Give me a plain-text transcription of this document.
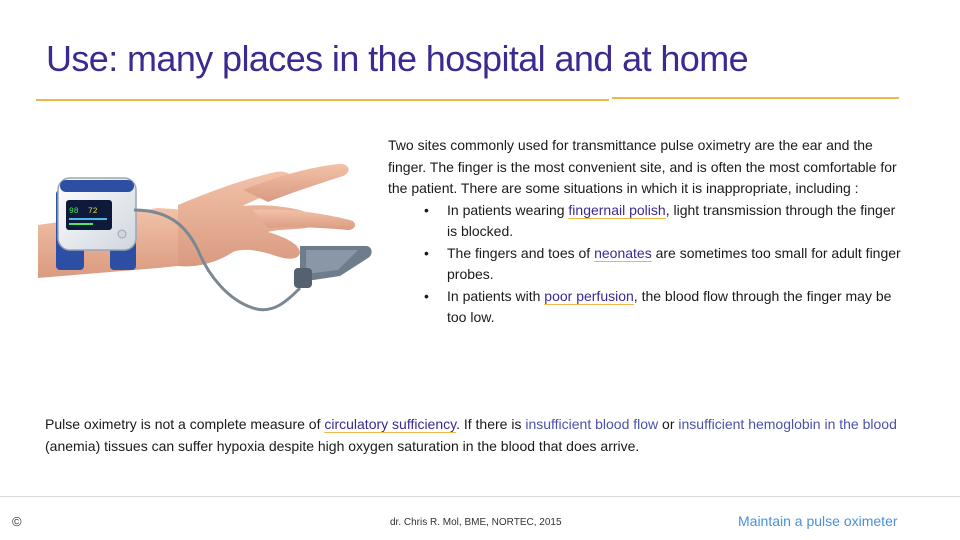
Use: many places in the hospital and at home
98 72

Two sites commonly used for transmittance pulse oximetry are the ear and the finger. The finger is the most convenient site, and is often the most comfortable for the patient. There are some situations in which it is inappropriate, including :

• In patients wearing fingernail polish, light transmission through the finger is blocked.
• The fingers and toes of neonates are sometimes too small for adult finger probes.
• In patients with poor perfusion, the blood flow through the finger may be too low.

Pulse oximetry is not a complete measure of circulatory sufficiency. If there is insufficient blood flow or insufficient hemoglobin in the blood (anemia) tissues can suffer hypoxia despite high oxygen saturation in the blood that does arrive.

©	dr. Chris R. Mol, BME, NORTEC, 2015	Maintain a pulse oximeter
